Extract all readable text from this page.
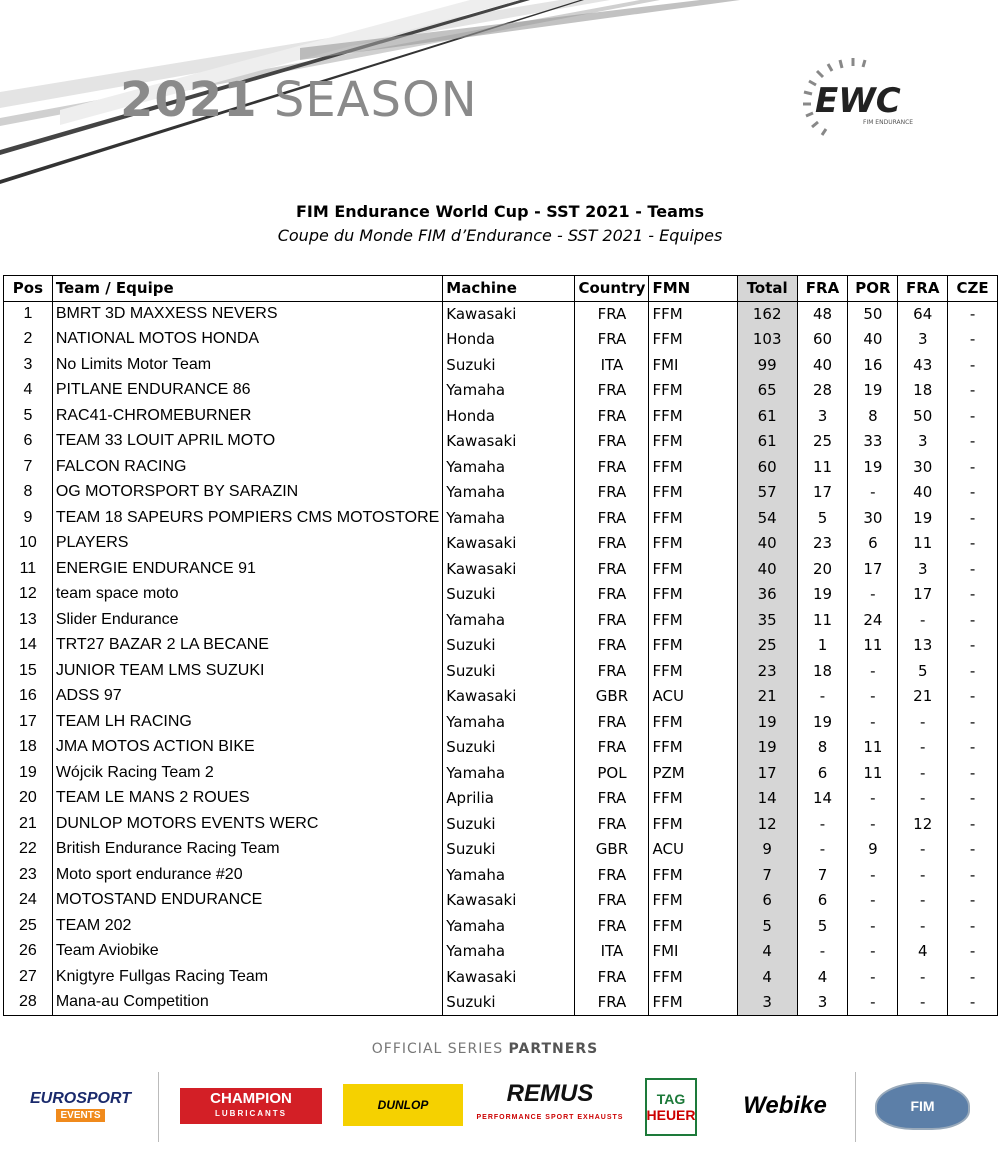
2021 SEASON	EWC
FIM ENDURANCE
FIM Endurance World Cup - SST 2021 - Teams
Coupe du Monde FIM d’Endurance - SST 2021 - Equipes
Pos	Team / Equipe	Machine	Country	FMN	Total	FRA	POR	FRA	CZE
1	BMRT 3D MAXXESS NEVERS	Kawasaki	FRA	FFM	162	48	50	64	-
2	NATIONAL MOTOS HONDA	Honda	FRA	FFM	103	60	40	3	-
3	No Limits Motor Team	Suzuki	ITA	FMI	99	40	16	43	-
4	PITLANE ENDURANCE 86	Yamaha	FRA	FFM	65	28	19	18	-
5	RAC41-CHROMEBURNER	Honda	FRA	FFM	61	3	8	50	-
6	TEAM 33 LOUIT APRIL MOTO	Kawasaki	FRA	FFM	61	25	33	3	-
7	FALCON RACING	Yamaha	FRA	FFM	60	11	19	30	-
8	OG MOTORSPORT BY SARAZIN	Yamaha	FRA	FFM	57	17	-	40	-
9	TEAM 18 SAPEURS POMPIERS CMS MOTOSTORE	Yamaha	FRA	FFM	54	5	30	19	-
10	PLAYERS	Kawasaki	FRA	FFM	40	23	6	11	-
11	ENERGIE ENDURANCE 91	Kawasaki	FRA	FFM	40	20	17	3	-
12	team space moto	Suzuki	FRA	FFM	36	19	-	17	-
13	Slider Endurance	Yamaha	FRA	FFM	35	11	24	-	-
14	TRT27 BAZAR 2 LA BECANE	Suzuki	FRA	FFM	25	1	11	13	-
15	JUNIOR TEAM LMS SUZUKI	Suzuki	FRA	FFM	23	18	-	5	-
16	ADSS 97	Kawasaki	GBR	ACU	21	-	-	21	-
17	TEAM LH RACING	Yamaha	FRA	FFM	19	19	-	-	-
18	JMA MOTOS ACTION BIKE	Suzuki	FRA	FFM	19	8	11	-	-
19	Wójcik Racing Team 2	Yamaha	POL	PZM	17	6	11	-	-
20	TEAM LE MANS 2 ROUES	Aprilia	FRA	FFM	14	14	-	-	-
21	DUNLOP MOTORS EVENTS WERC	Suzuki	FRA	FFM	12	-	-	12	-
22	British Endurance Racing Team	Suzuki	GBR	ACU	9	-	9	-	-
23	Moto sport endurance #20	Yamaha	FRA	FFM	7	7	-	-	-
24	MOTOSTAND ENDURANCE	Kawasaki	FRA	FFM	6	6	-	-	-
25	TEAM 202	Yamaha	FRA	FFM	5	5	-	-	-
26	Team Aviobike	Yamaha	ITA	FMI	4	-	-	4	-
27	Knigtyre Fullgas Racing Team	Kawasaki	FRA	FFM	4	4	-	-	-
28	Mana-au Competition	Suzuki	FRA	FFM	3	3	-	-	-
OFFICIAL SERIES PARTNERS
EUROSPORT
EVENTS
CHAMPION
LUBRICANTS
DUNLOP	REMUS
PERFORMANCE SPORT EXHAUSTS
TAG
HEUER Webike	FIM
